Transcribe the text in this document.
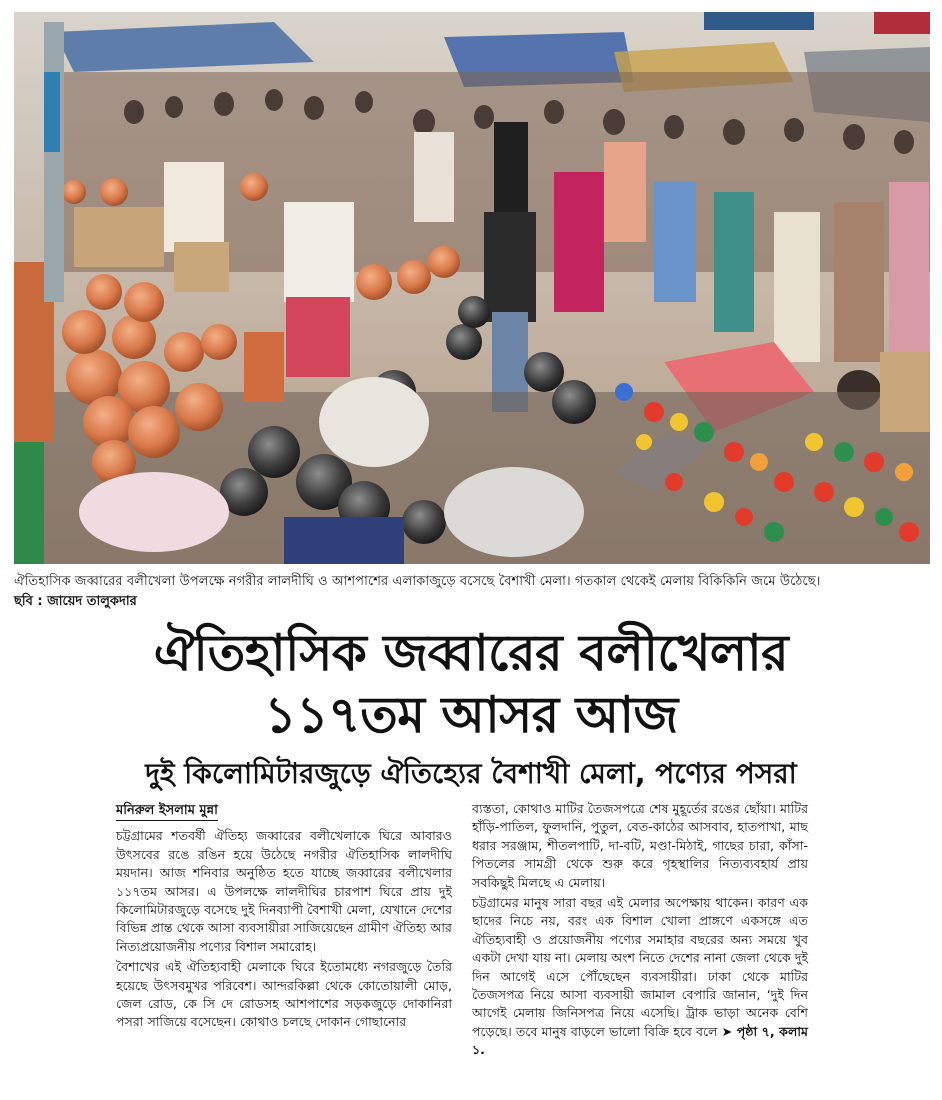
ঐতিহাসিক জব্বারের বলীখেলা উপলক্ষে নগরীর লালদীঘি ও আশপাশের এলাকাজুড়ে বসেছে বৈশাখী মেলা। গতকাল থেকেই মেলায় বিকিকিনি জমে উঠেছে।
ছবি : জায়েদ তালুকদার
ঐতিহাসিক জব্বারের বলীখেলার
১১৭তম আসর আজ
দুই কিলোমিটারজুড়ে ঐতিহ্যের বৈশাখী মেলা, পণ্যের পসরা
মনিরুল ইসলাম মুন্না

চট্টগ্রামের শতবর্ষী ঐতিহ্য জব্বারের বলীখেলাকে ঘিরে আবারও উৎসবের রঙে রঙিন হয়ে উঠেছে নগরীর ঐতিহাসিক লালদীঘি ময়দান। আজ শনিবার অনুষ্ঠিত হতে যাচ্ছে জব্বারের বলীখেলার ১১৭তম আসর। এ উপলক্ষে লালদীঘির চারপাশ ঘিরে প্রায় দুই কিলোমিটারজুড়ে বসেছে দুই দিনব্যাপী বৈশাখী মেলা, যেখানে দেশের বিভিন্ন প্রান্ত থেকে আসা ব্যবসায়ীরা সাজিয়েছেন গ্রামীণ ঐতিহ্য আর নিত্যপ্রয়োজনীয় পণ্যের বিশাল সমারোহ।

বৈশাখের এই ঐতিহ্যবাহী মেলাকে ঘিরে ইতোমধ্যে নগরজুড়ে তৈরি হয়েছে উৎসবমুখর পরিবেশ। আন্দরকিল্লা থেকে কোতোয়ালী মোড়, জেল রোড, কে সি দে রোডসহ আশপাশের সড়কজুড়ে দোকানিরা পসরা সাজিয়ে বসেছেন। কোথাও চলছে দোকান গোছানোর

ব্যস্ততা, কোথাও মাটির তৈজসপত্রে শেষ মুহূর্তের রঙের ছোঁয়া। মাটির হাঁড়ি-পাতিল, ফুলদানি, পুতুল, বেত-কাঠের আসবাব, হাতপাখা, মাছ ধরার সরঞ্জাম, শীতলপাটি, দা-বটি, মণ্ডা-মিঠাই, গাছের চারা, কাঁসা-পিতলের সামগ্রী থেকে শুরু করে গৃহস্থালির নিত্যব্যবহার্য প্রায় সবকিছুই মিলছে এ মেলায়।

চট্টগ্রামের মানুষ সারা বছর এই মেলার অপেক্ষায় থাকেন। কারণ এক ছাদের নিচে নয়, বরং এক বিশাল খোলা প্রাঙ্গণে একসঙ্গে এত ঐতিহ্যবাহী ও প্রয়োজনীয় পণ্যের সমাহার বছরের অন্য সময়ে খুব একটা দেখা যায় না। মেলায় অংশ নিতে দেশের নানা জেলা থেকে দুই দিন আগেই এসে পৌঁছেছেন ব্যবসায়ীরা। ঢাকা থেকে মাটির তৈজসপত্র নিয়ে আসা ব্যবসায়ী জামাল বেপারি জানান, ‘দুই দিন আগেই মেলায় জিনিসপত্র নিয়ে এসেছি। ট্রাক ভাড়া অনেক বেশি পড়েছে। তবে মানুষ বাড়লে ভালো বিক্রি হবে বলে ➤ পৃষ্ঠা ৭, কলাম ১.
